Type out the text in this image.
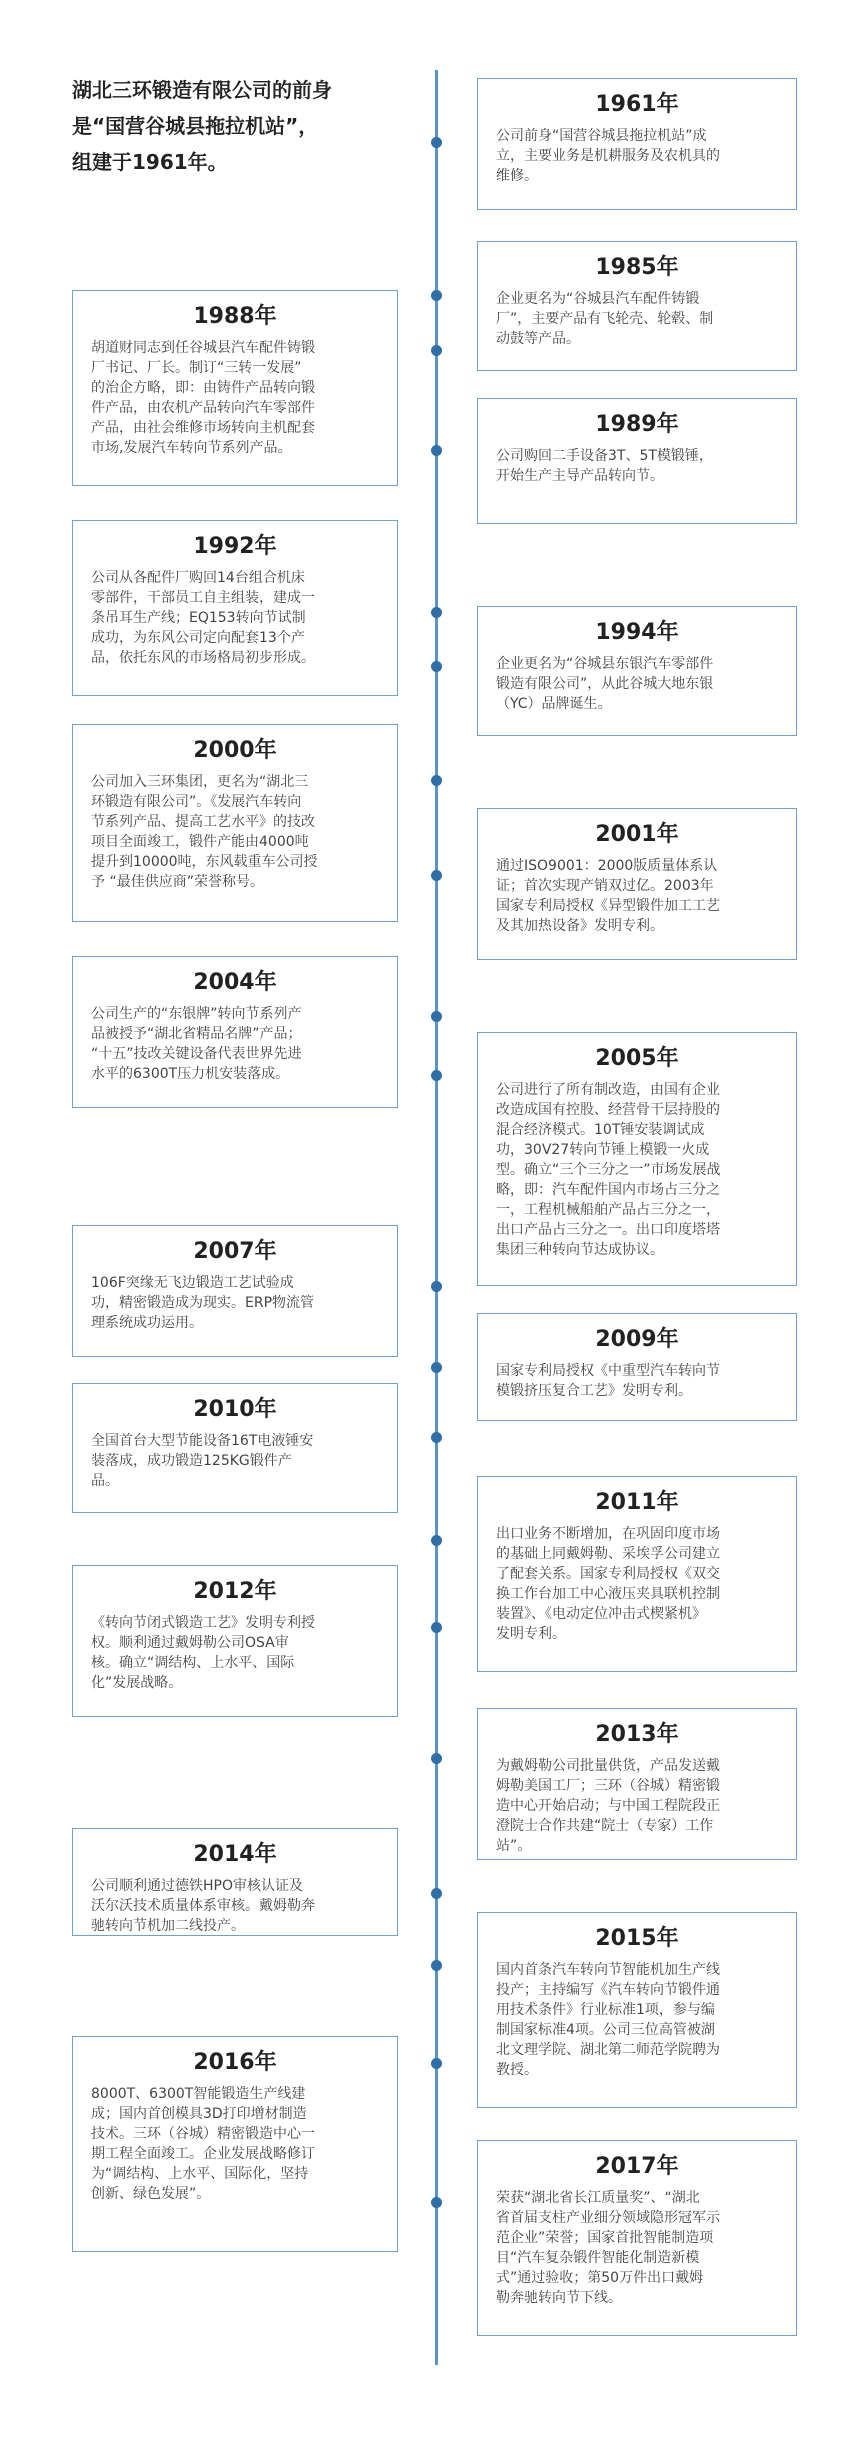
湖北三环锻造有限公司的前身
是“国营谷城县拖拉机站”，
组建于1961年。
1961年
公司前身“国营谷城县拖拉机站”成
立，主要业务是机耕服务及农机具的
维修。
1985年
企业更名为“谷城县汽车配件铸锻
厂”，主要产品有飞轮壳、轮毂、制
动鼓等产品。
1988年
胡道财同志到任谷城县汽车配件铸锻
厂书记、厂长。制订“三转一发展”
的治企方略，即：由铸件产品转向锻
件产品，由农机产品转向汽车零部件
产品，由社会维修市场转向主机配套
市场,发展汽车转向节系列产品。
1989年
公司购回二手设备3T、5T模锻锤，
开始生产主导产品转向节。
1992年
公司从各配件厂购回14台组合机床
零部件，干部员工自主组装，建成一
条吊耳生产线；EQ153转向节试制
成功，为东风公司定向配套13个产
品，依托东风的市场格局初步形成。
1994年
企业更名为“谷城县东银汽车零部件
锻造有限公司”，从此谷城大地东银
（YC）品牌诞生。
2000年
公司加入三环集团，更名为“湖北三
环锻造有限公司”。《发展汽车转向
节系列产品、提高工艺水平》的技改
项目全面竣工，锻件产能由4000吨
提升到10000吨，东风载重车公司授
予 “最佳供应商”荣誉称号。
2001年
通过ISO9001：2000版质量体系认
证；首次实现产销双过亿。2003年
国家专利局授权《异型锻件加工工艺
及其加热设备》发明专利。
2004年
公司生产的“东银牌”转向节系列产
品被授予“湖北省精品名牌”产品；
“十五”技改关键设备代表世界先进
水平的6300T压力机安装落成。
2005年
公司进行了所有制改造，由国有企业
改造成国有控股、经营骨干层持股的
混合经济模式。10T锤安装调试成
功，30V27转向节锤上模锻一火成
型。确立“三个三分之一”市场发展战
略，即：汽车配件国内市场占三分之
一，工程机械船舶产品占三分之一，
出口产品占三分之一。出口印度塔塔
集团三种转向节达成协议。
2007年
106F突缘无飞边锻造工艺试验成
功，精密锻造成为现实。ERP物流管
理系统成功运用。
2009年
国家专利局授权《中重型汽车转向节
模锻挤压复合工艺》发明专利。
2010年
全国首台大型节能设备16T电液锤安
装落成，成功锻造125KG锻件产
品。
2011年
出口业务不断增加，在巩固印度市场
的基础上同戴姆勒、采埃孚公司建立
了配套关系。国家专利局授权《双交
换工作台加工中心液压夹具联机控制
装置》、《电动定位冲击式楔紧机》
发明专利。
2012年
《转向节闭式锻造工艺》发明专利授
权。顺利通过戴姆勒公司OSA审
核。确立“调结构、上水平、国际
化”发展战略。
2013年
为戴姆勒公司批量供货，产品发送戴
姆勒美国工厂；三环（谷城）精密锻
造中心开始启动；与中国工程院段正
澄院士合作共建“院士（专家）工作
站”。
2014年
公司顺利通过德铁HPO审核认证及
沃尔沃技术质量体系审核。戴姆勒奔
驰转向节机加二线投产。	2015年
国内首条汽车转向节智能机加生产线
投产；主持编写《汽车转向节锻件通
用技术条件》行业标准1项，参与编
制国家标准4项。公司三位高管被湖
北文理学院、湖北第二师范学院聘为
教授。
2016年
8000T、6300T智能锻造生产线建
成；国内首创模具3D打印增材制造
技术。三环（谷城）精密锻造中心一
期工程全面竣工。企业发展战略修订
为“调结构、上水平、国际化，坚持
创新、绿色发展”。
2017年
荣获“湖北省长江质量奖”、“湖北
省首届支柱产业细分领域隐形冠军示
范企业”荣誉；国家首批智能制造项
目“汽车复杂锻件智能化制造新模
式”通过验收；第50万件出口戴姆
勒奔驰转向节下线。
